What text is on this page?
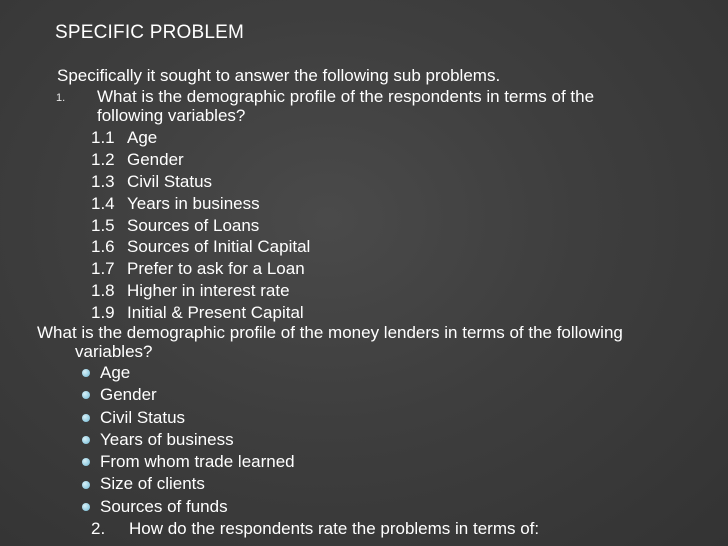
SPECIFIC PROBLEM
Specifically it sought to answer the following sub problems.
1. What is the demographic profile of the respondents in terms of the following variables?
1.1 Age
1.2 Gender
1.3 Civil Status
1.4 Years in business
1.5 Sources of Loans
1.6 Sources of Initial Capital
1.7 Prefer to ask for a Loan
1.8 Higher in interest rate
1.9 Initial & Present Capital
What is the demographic profile of the money lenders in terms of the following
variables?
Age
Gender
Civil Status
Years of business
From whom trade learned
Size of clients
Sources of funds
2. How do the respondents rate the problems in terms of:
